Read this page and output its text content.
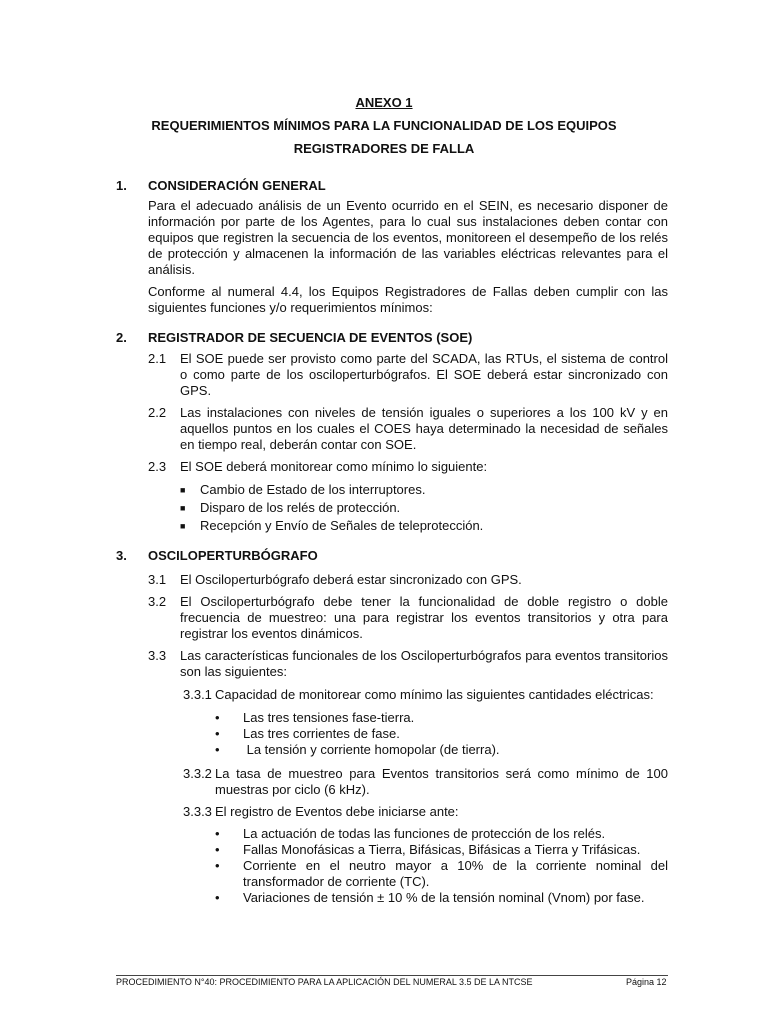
ANEXO 1
REQUERIMIENTOS MÍNIMOS PARA LA FUNCIONALIDAD DE LOS EQUIPOS
REGISTRADORES DE FALLA
1. CONSIDERACIÓN GENERAL
Para el adecuado análisis de un Evento ocurrido en el SEIN, es necesario disponer de información por parte de los Agentes, para lo cual sus instalaciones deben contar con equipos que registren la secuencia de los eventos, monitoreen el desempeño de los relés de protección y almacenen la información de las variables eléctricas relevantes para el análisis.
Conforme al numeral 4.4, los Equipos Registradores de Fallas deben cumplir con las siguientes funciones y/o requerimientos mínimos:
2. REGISTRADOR DE SECUENCIA DE EVENTOS (SOE)
2.1 El SOE puede ser provisto como parte del SCADA, las RTUs, el sistema de control o como parte de los osciloperturbógrafos. El SOE deberá estar sincronizado con GPS.
2.2 Las instalaciones con niveles de tensión iguales o superiores a los 100 kV y en aquellos puntos en los cuales el COES haya determinado la necesidad de señales en tiempo real, deberán contar con SOE.
2.3 El SOE deberá monitorear como mínimo lo siguiente:
■ Cambio de Estado de los interruptores.
■ Disparo de los relés de protección.
■ Recepción y Envío de Señales de teleprotección.
3. OSCILOPERTURBÓGRAFO
3.1 El Osciloperturbógrafo deberá estar sincronizado con GPS.
3.2 El Osciloperturbógrafo debe tener la funcionalidad de doble registro o doble frecuencia de muestreo: una para registrar los eventos transitorios y otra para registrar los eventos dinámicos.
3.3 Las características funcionales de los Osciloperturbógrafos para eventos transitorios son las siguientes:
3.3.1 Capacidad de monitorear como mínimo las siguientes cantidades eléctricas:
• Las tres tensiones fase-tierra.
• Las tres corrientes de fase.
• La tensión y corriente homopolar (de tierra).
3.3.2 La tasa de muestreo para Eventos transitorios será como mínimo de 100 muestras por ciclo (6 kHz).
3.3.3 El registro de Eventos debe iniciarse ante:
• La actuación de todas las funciones de protección de los relés.
• Fallas Monofásicas a Tierra, Bifásicas, Bifásicas a Tierra y Trifásicas.
• Corriente en el neutro mayor a 10% de la corriente nominal del transformador de corriente (TC).
• Variaciones de tensión ± 10 % de la tensión nominal (Vnom) por fase.
PROCEDIMIENTO N°40: PROCEDIMIENTO PARA LA APLICACIÓN DEL NUMERAL 3.5 DE LA NTCSE	Página 12
